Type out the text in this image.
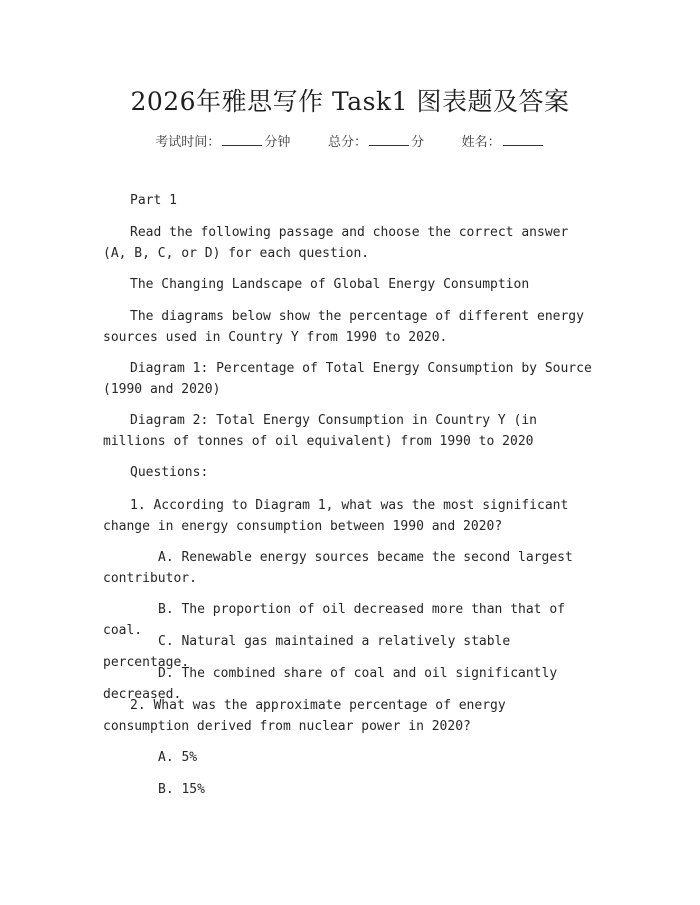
2026年雅思写作 Task1 图表题及答案
考试时间：	分钟	总分：	分	姓名：

Part 1

Read the following passage and choose the correct answer (A, B, C, or D) for each question.

The Changing Landscape of Global Energy Consumption

The diagrams below show the percentage of different energy sources used in Country Y from 1990 to 2020.

Diagram 1: Percentage of Total Energy Consumption by Source (1990 and 2020)

Diagram 2: Total Energy Consumption in Country Y (in millions of tonnes of oil equivalent) from 1990 to 2020

Questions:

1. According to Diagram 1, what was the most significant change in energy consumption between 1990 and 2020?

A. Renewable energy sources became the second largest contributor.

B. The proportion of oil decreased more than that of coal.

C. Natural gas maintained a relatively stable percentage.

D. The combined share of coal and oil significantly decreased.

2. What was the approximate percentage of energy consumption derived from nuclear power in 2020?

A. 5%

B. 15%
